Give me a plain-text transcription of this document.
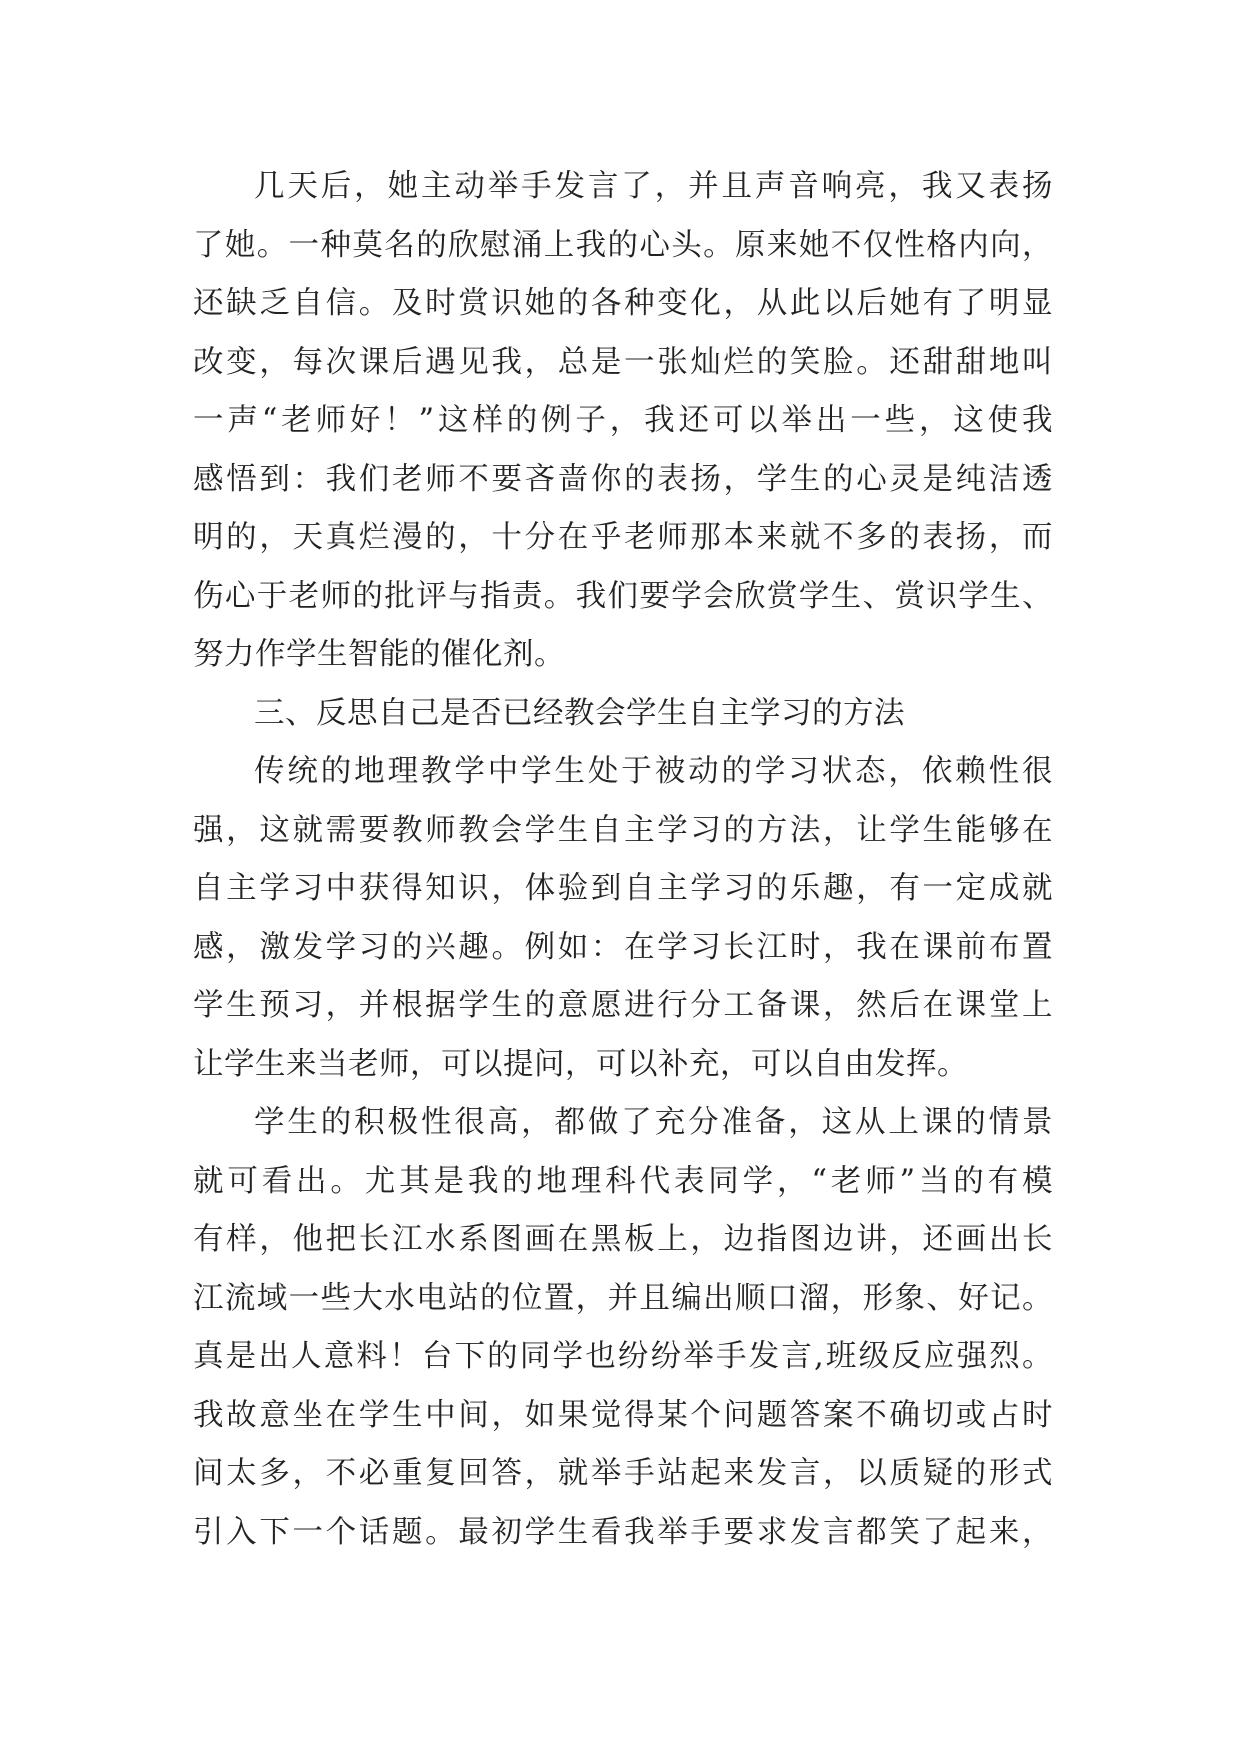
几天后，她主动举手发言了，并且声音响亮，我又表扬
了她。一种莫名的欣慰涌上我的心头。原来她不仅性格内向，
还缺乏自信。及时赏识她的各种变化，从此以后她有了明显
改变，每次课后遇见我，总是一张灿烂的笑脸。还甜甜地叫
一声“老师好！”这样的例子，我还可以举出一些，这使我
感悟到：我们老师不要吝啬你的表扬，学生的心灵是纯洁透
明的，天真烂漫的，十分在乎老师那本来就不多的表扬，而
伤心于老师的批评与指责。我们要学会欣赏学生、赏识学生、
努力作学生智能的催化剂。
三、反思自己是否已经教会学生自主学习的方法
传统的地理教学中学生处于被动的学习状态，依赖性很
强，这就需要教师教会学生自主学习的方法，让学生能够在
自主学习中获得知识，体验到自主学习的乐趣，有一定成就
感，激发学习的兴趣。例如：在学习长江时，我在课前布置
学生预习，并根据学生的意愿进行分工备课，然后在课堂上
让学生来当老师，可以提问，可以补充，可以自由发挥。
学生的积极性很高，都做了充分准备，这从上课的情景
就可看出。尤其是我的地理科代表同学，“老师”当的有模
有样，他把长江水系图画在黑板上，边指图边讲，还画出长
江流域一些大水电站的位置，并且编出顺口溜，形象、好记。
真是出人意料！台下的同学也纷纷举手发言,班级反应强烈。
我故意坐在学生中间，如果觉得某个问题答案不确切或占时
间太多，不必重复回答，就举手站起来发言，以质疑的形式
引入下一个话题。最初学生看我举手要求发言都笑了起来，
